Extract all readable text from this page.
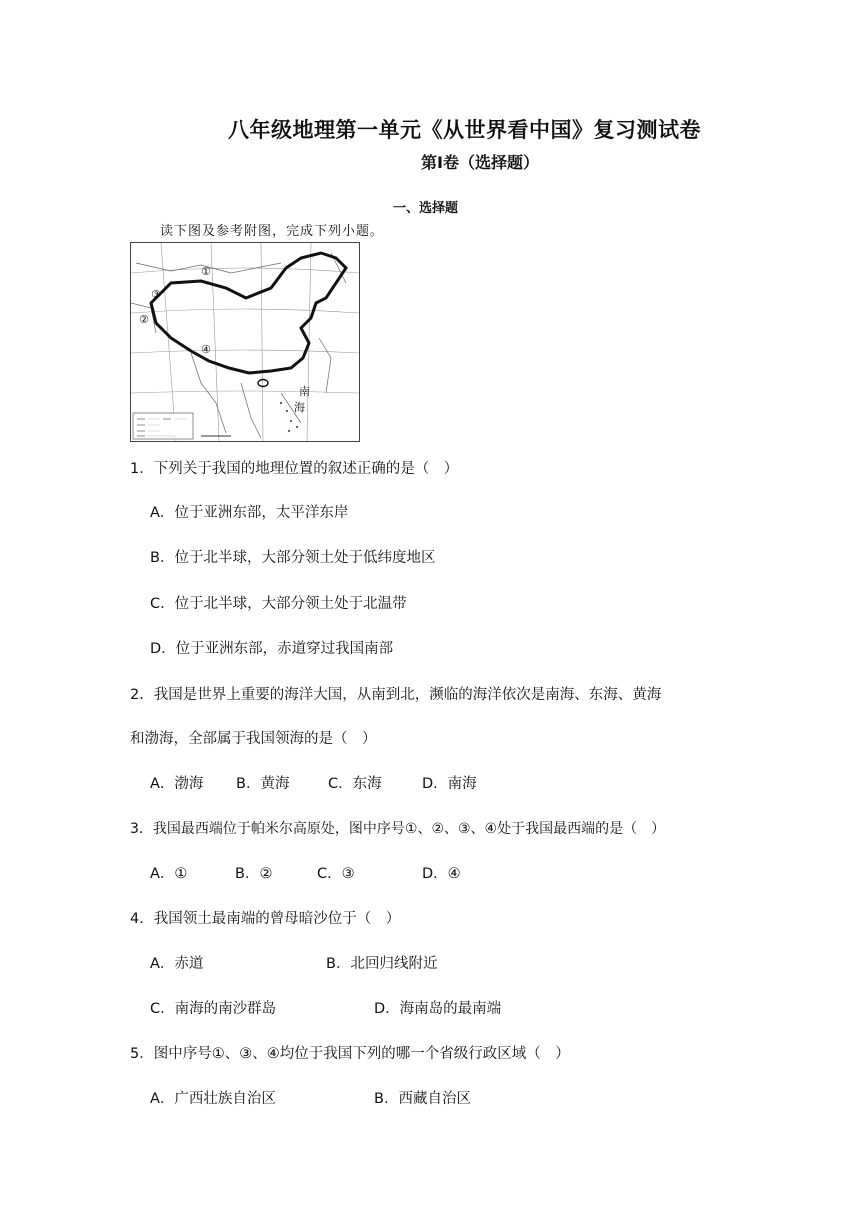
八年级地理第一单元《从世界看中国》复习测试卷
第Ⅰ卷（选择题）
一、选择题
读下图及参考附图，完成下列小题。
①
②
③
④
南
海
1．下列关于我国的地理位置的叙述正确的是（　）
A．位于亚洲东部，太平洋东岸
B．位于北半球，大部分领土处于低纬度地区
C．位于北半球，大部分领土处于北温带
D．位于亚洲东部，赤道穿过我国南部
2．我国是世界上重要的海洋大国，从南到北，濒临的海洋依次是南海、东海、黄海
和渤海，全部属于我国领海的是（　）
A．渤海 B．黄海	C．东海	D．南海
3．我国最西端位于帕米尔高原处，图中序号①、②、③、④处于我国最西端的是（　）
A．①	B．②	C．③	D．④
4．我国领土最南端的曾母暗沙位于（　）
A．赤道	B．北回归线附近
C．南海的南沙群岛	D．海南岛的最南端
5．图中序号①、③、④均位于我国下列的哪一个省级行政区域（　）
A．广西壮族自治区	B．西藏自治区
